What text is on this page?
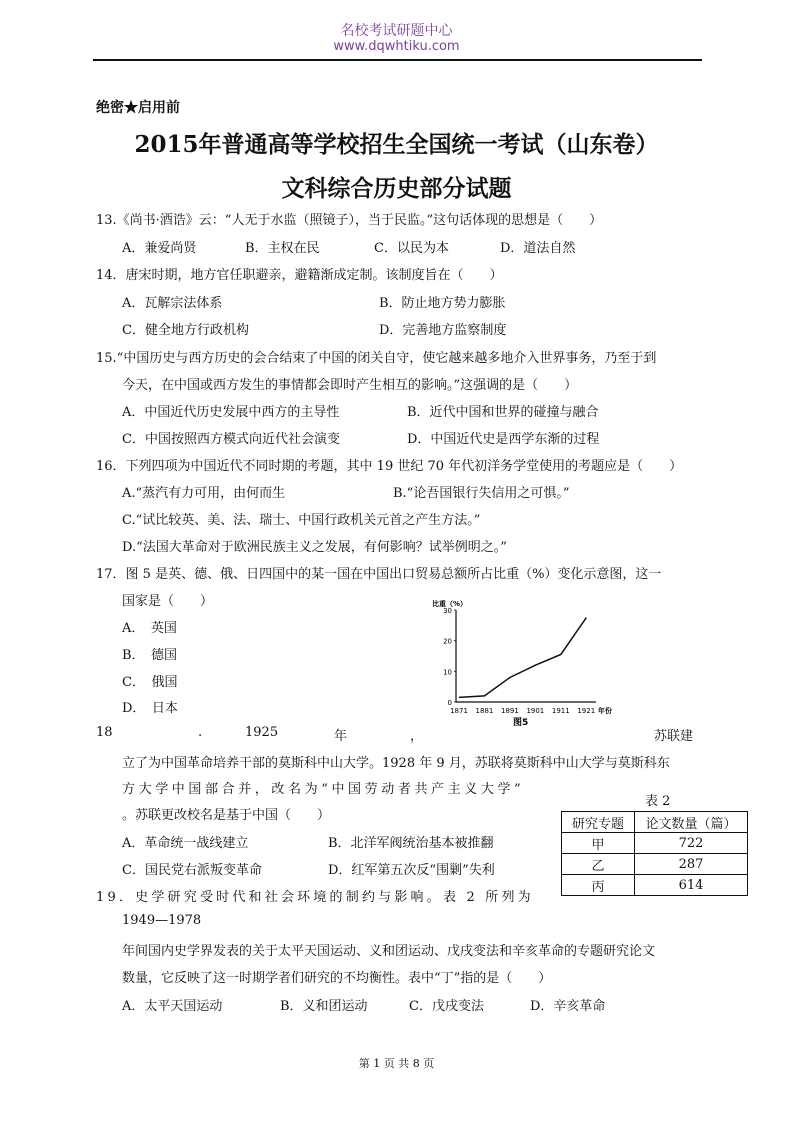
名校考试研题中心
www.dqwhtiku.com
绝密★启用前
2015年普通高等学校招生全国统一考试（山东卷）
文科综合历史部分试题
13.《尚书·酒诰》云：“人无于水监（照镜子），当于民监。”这句话体现的思想是（　　）
A．兼爱尚贤	B．主权在民	C．以民为本	D．道法自然
14．唐宋时期，地方官任职避亲，避籍渐成定制。该制度旨在（　　）
A．瓦解宗法体系	B．防止地方势力膨胀
C．健全地方行政机构	D．完善地方监察制度
15.“中国历史与西方历史的会合结束了中国的闭关自守，使它越来越多地介入世界事务，乃至于到
今天，在中国或西方发生的事情都会即时产生相互的影响。”这强调的是（　　）
A．中国近代历史发展中西方的主导性	B．近代中国和世界的碰撞与融合
C．中国按照西方模式向近代社会演变	D．中国近代史是西学东渐的过程
16．下列四项为中国近代不同时期的考题，其中 19 世纪 70 年代初洋务学堂使用的考题应是（　　）
A.“蒸汽有力可用，由何而生	B.“论吾国银行失信用之可惧。”
C.“试比较英、美、法、瑞士、中国行政机关元首之产生方法。”
D.“法国大革命对于欧洲民族主义之发展，有何影响？试举例明之。”
17．图 5 是英、德、俄、日四国中的某一国在中国出口贸易总额所占比重（%）变化示意图，这一
国家是（　　）
A．　英国
B．　德国
C．　俄国
D．　日本
比重（%）
0
10
20
30
1871 1881 1891 1901 1911 1921 年份
图5
18	.	1925	年	，	苏联建
立了为中国革命培养干部的莫斯科中山大学。1928 年 9 月，苏联将莫斯科中山大学与莫斯科东
方大学中国部合并，改名为“中国劳动者共产主义大学”
。苏联更改校名是基于中国（　　）
A．革命统一战线建立	B．北洋军阀统治基本被推翻
C．国民党右派叛变革命	D．红军第五次反“围剿”失利
表 2
研究专题	论文数量（篇）
甲	722
乙	287
丙	614
19．史学研究受时代和社会环境的制约与影响。表 2 所列为
1949—1978
年间国内史学界发表的关于太平天国运动、义和团运动、戊戌变法和辛亥革命的专题研究论文
数量，它反映了这一时期学者们研究的不均衡性。表中“丁”指的是（　　）
A．太平天国运动	B．义和团运动	C．戊戌变法	D．辛亥革命
第 1 页 共 8 页
